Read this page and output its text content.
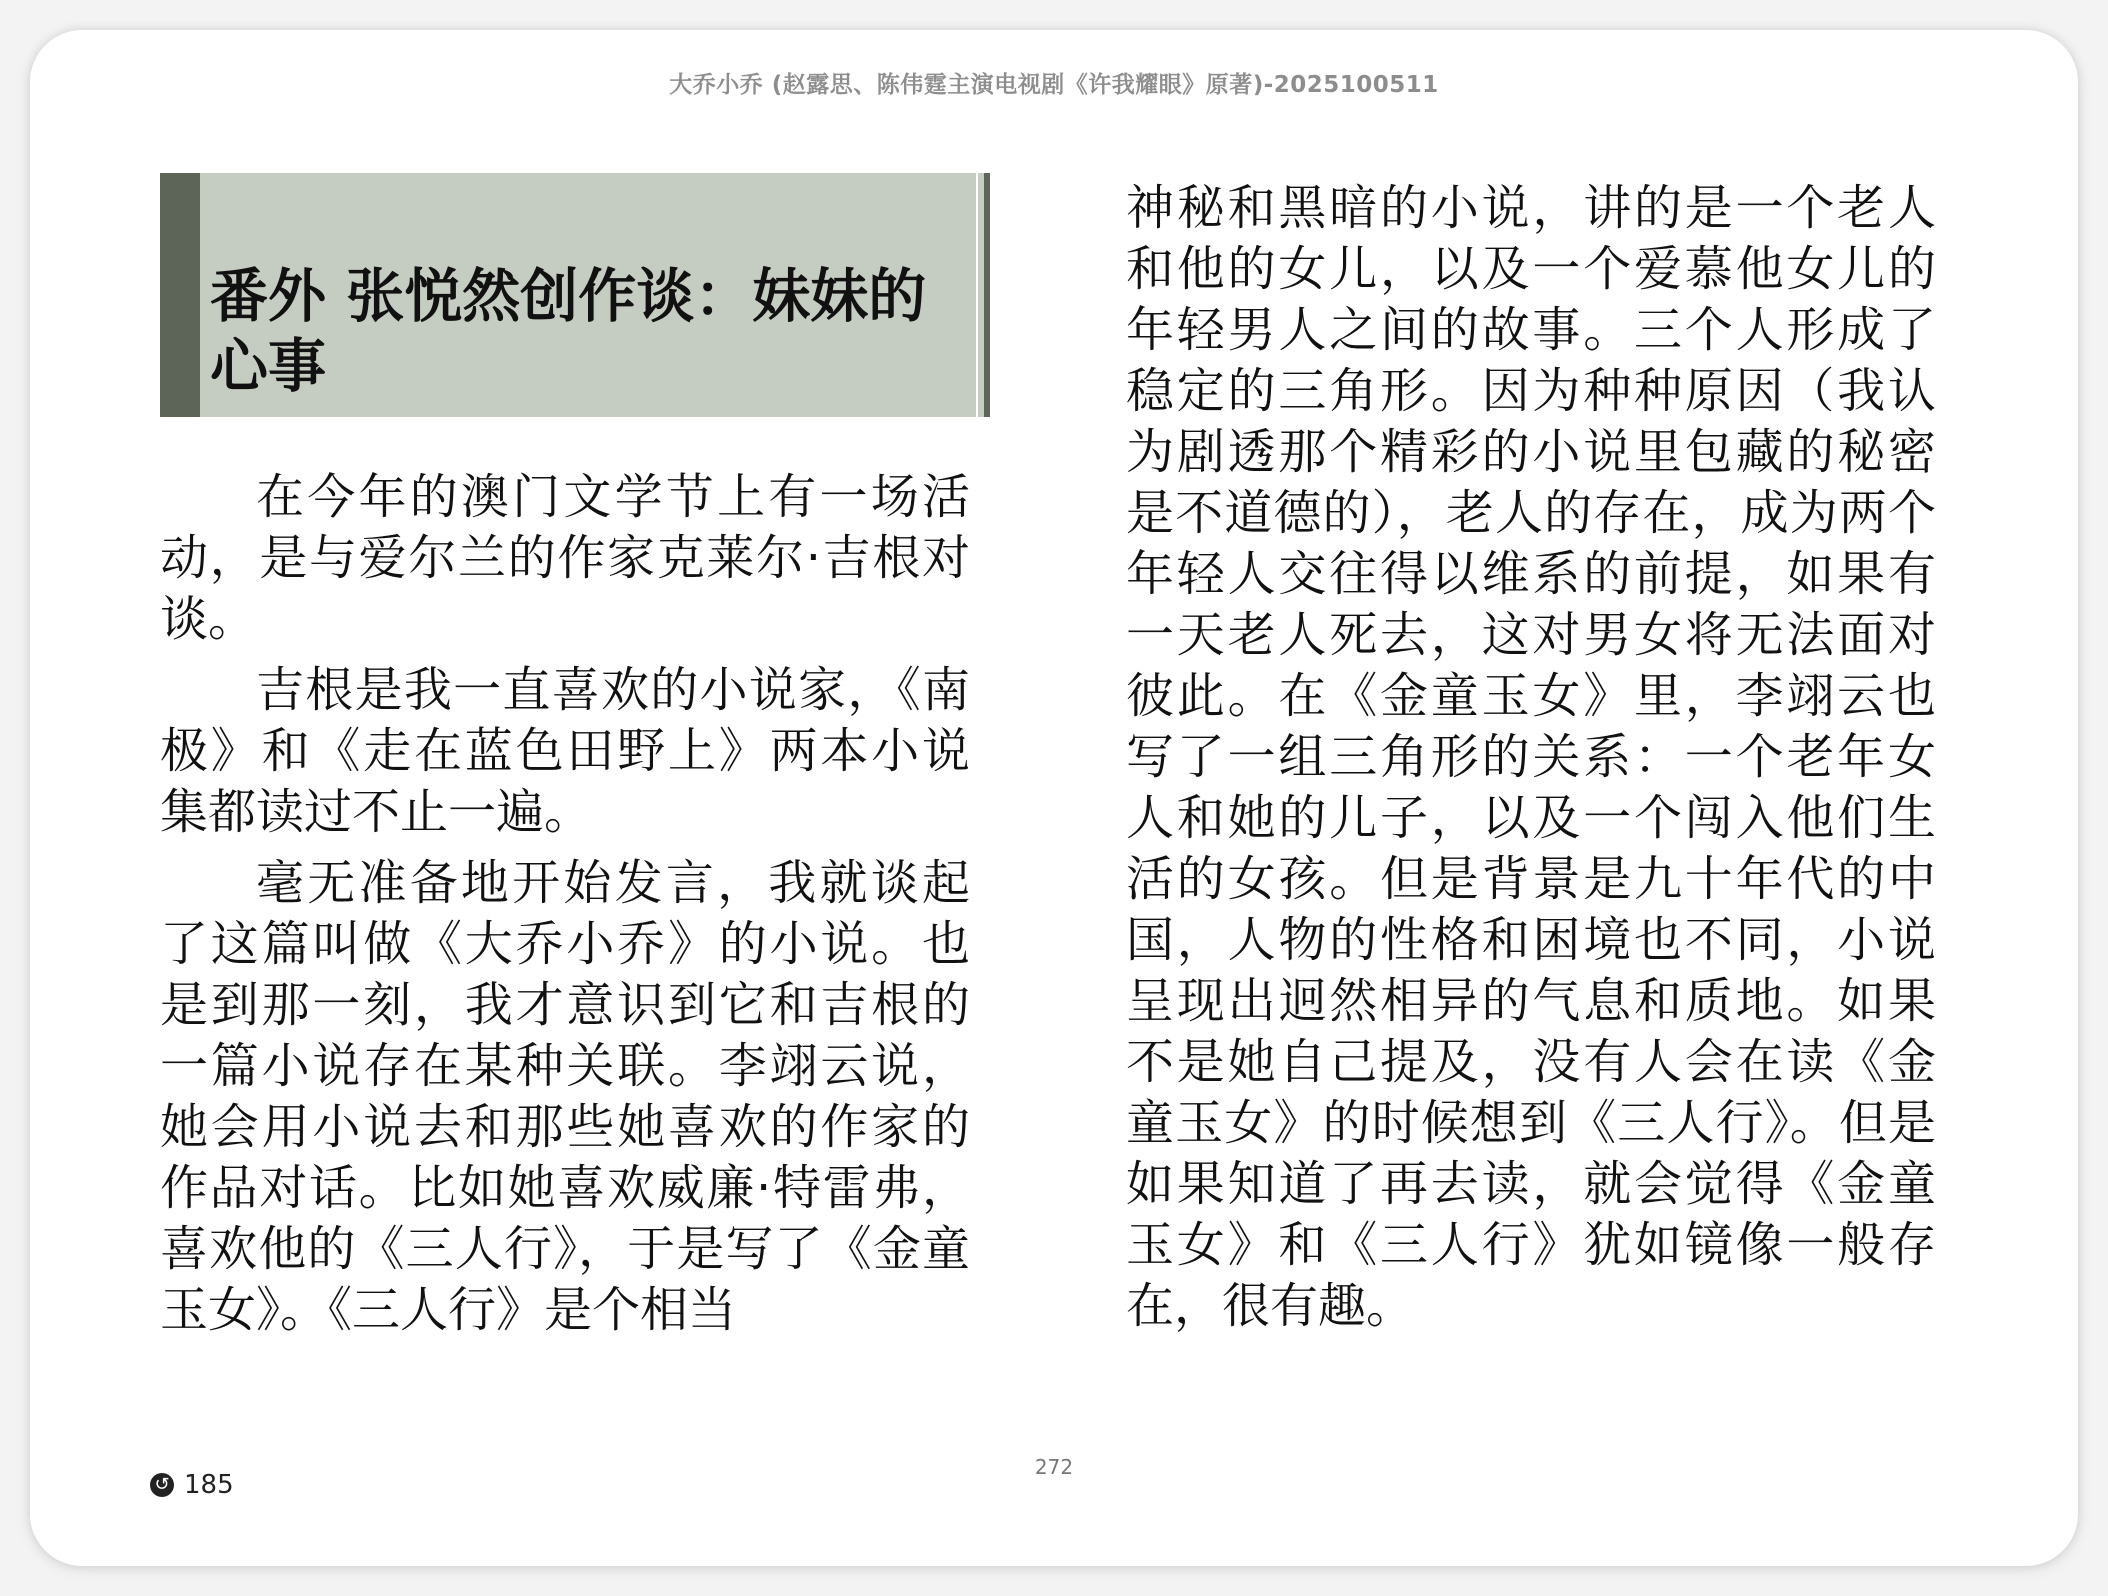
大乔小乔 (赵露思、陈伟霆主演电视剧《许我耀眼》原著)-2025100511
番外 张悦然创作谈：妹妹的心事

在今年的澳门文学节上有一场活动，是与爱尔兰的作家克莱尔·吉根对谈。

吉根是我一直喜欢的小说家，《南极》和《走在蓝色田野上》两本小说集都读过不止一遍。

毫无准备地开始发言，我就谈起了这篇叫做《大乔小乔》的小说。也是到那一刻，我才意识到它和吉根的一篇小说存在某种关联。李翊云说，她会用小说去和那些她喜欢的作家的作品对话。比如她喜欢威廉·特雷弗，喜欢他的《三人行》，于是写了《金童玉女》。《三人行》是个相当

神秘和黑暗的小说，讲的是一个老人和他的女儿，以及一个爱慕他女儿的年轻男人之间的故事。三个人形成了稳定的三角形。因为种种原因（我认为剧透那个精彩的小说里包藏的秘密是不道德的），老人的存在，成为两个年轻人交往得以维系的前提，如果有一天老人死去，这对男女将无法面对彼此。在《金童玉女》里，李翊云也写了一组三角形的关系：一个老年女人和她的儿子，以及一个闯入他们生活的女孩。但是背景是九十年代的中国，人物的性格和困境也不同，小说呈现出迥然相异的气息和质地。如果不是她自己提及，没有人会在读《金童玉女》的时候想到《三人行》。但是如果知道了再去读，就会觉得《金童玉女》和《三人行》犹如镜像一般存在，很有趣。

272
↺ 185
